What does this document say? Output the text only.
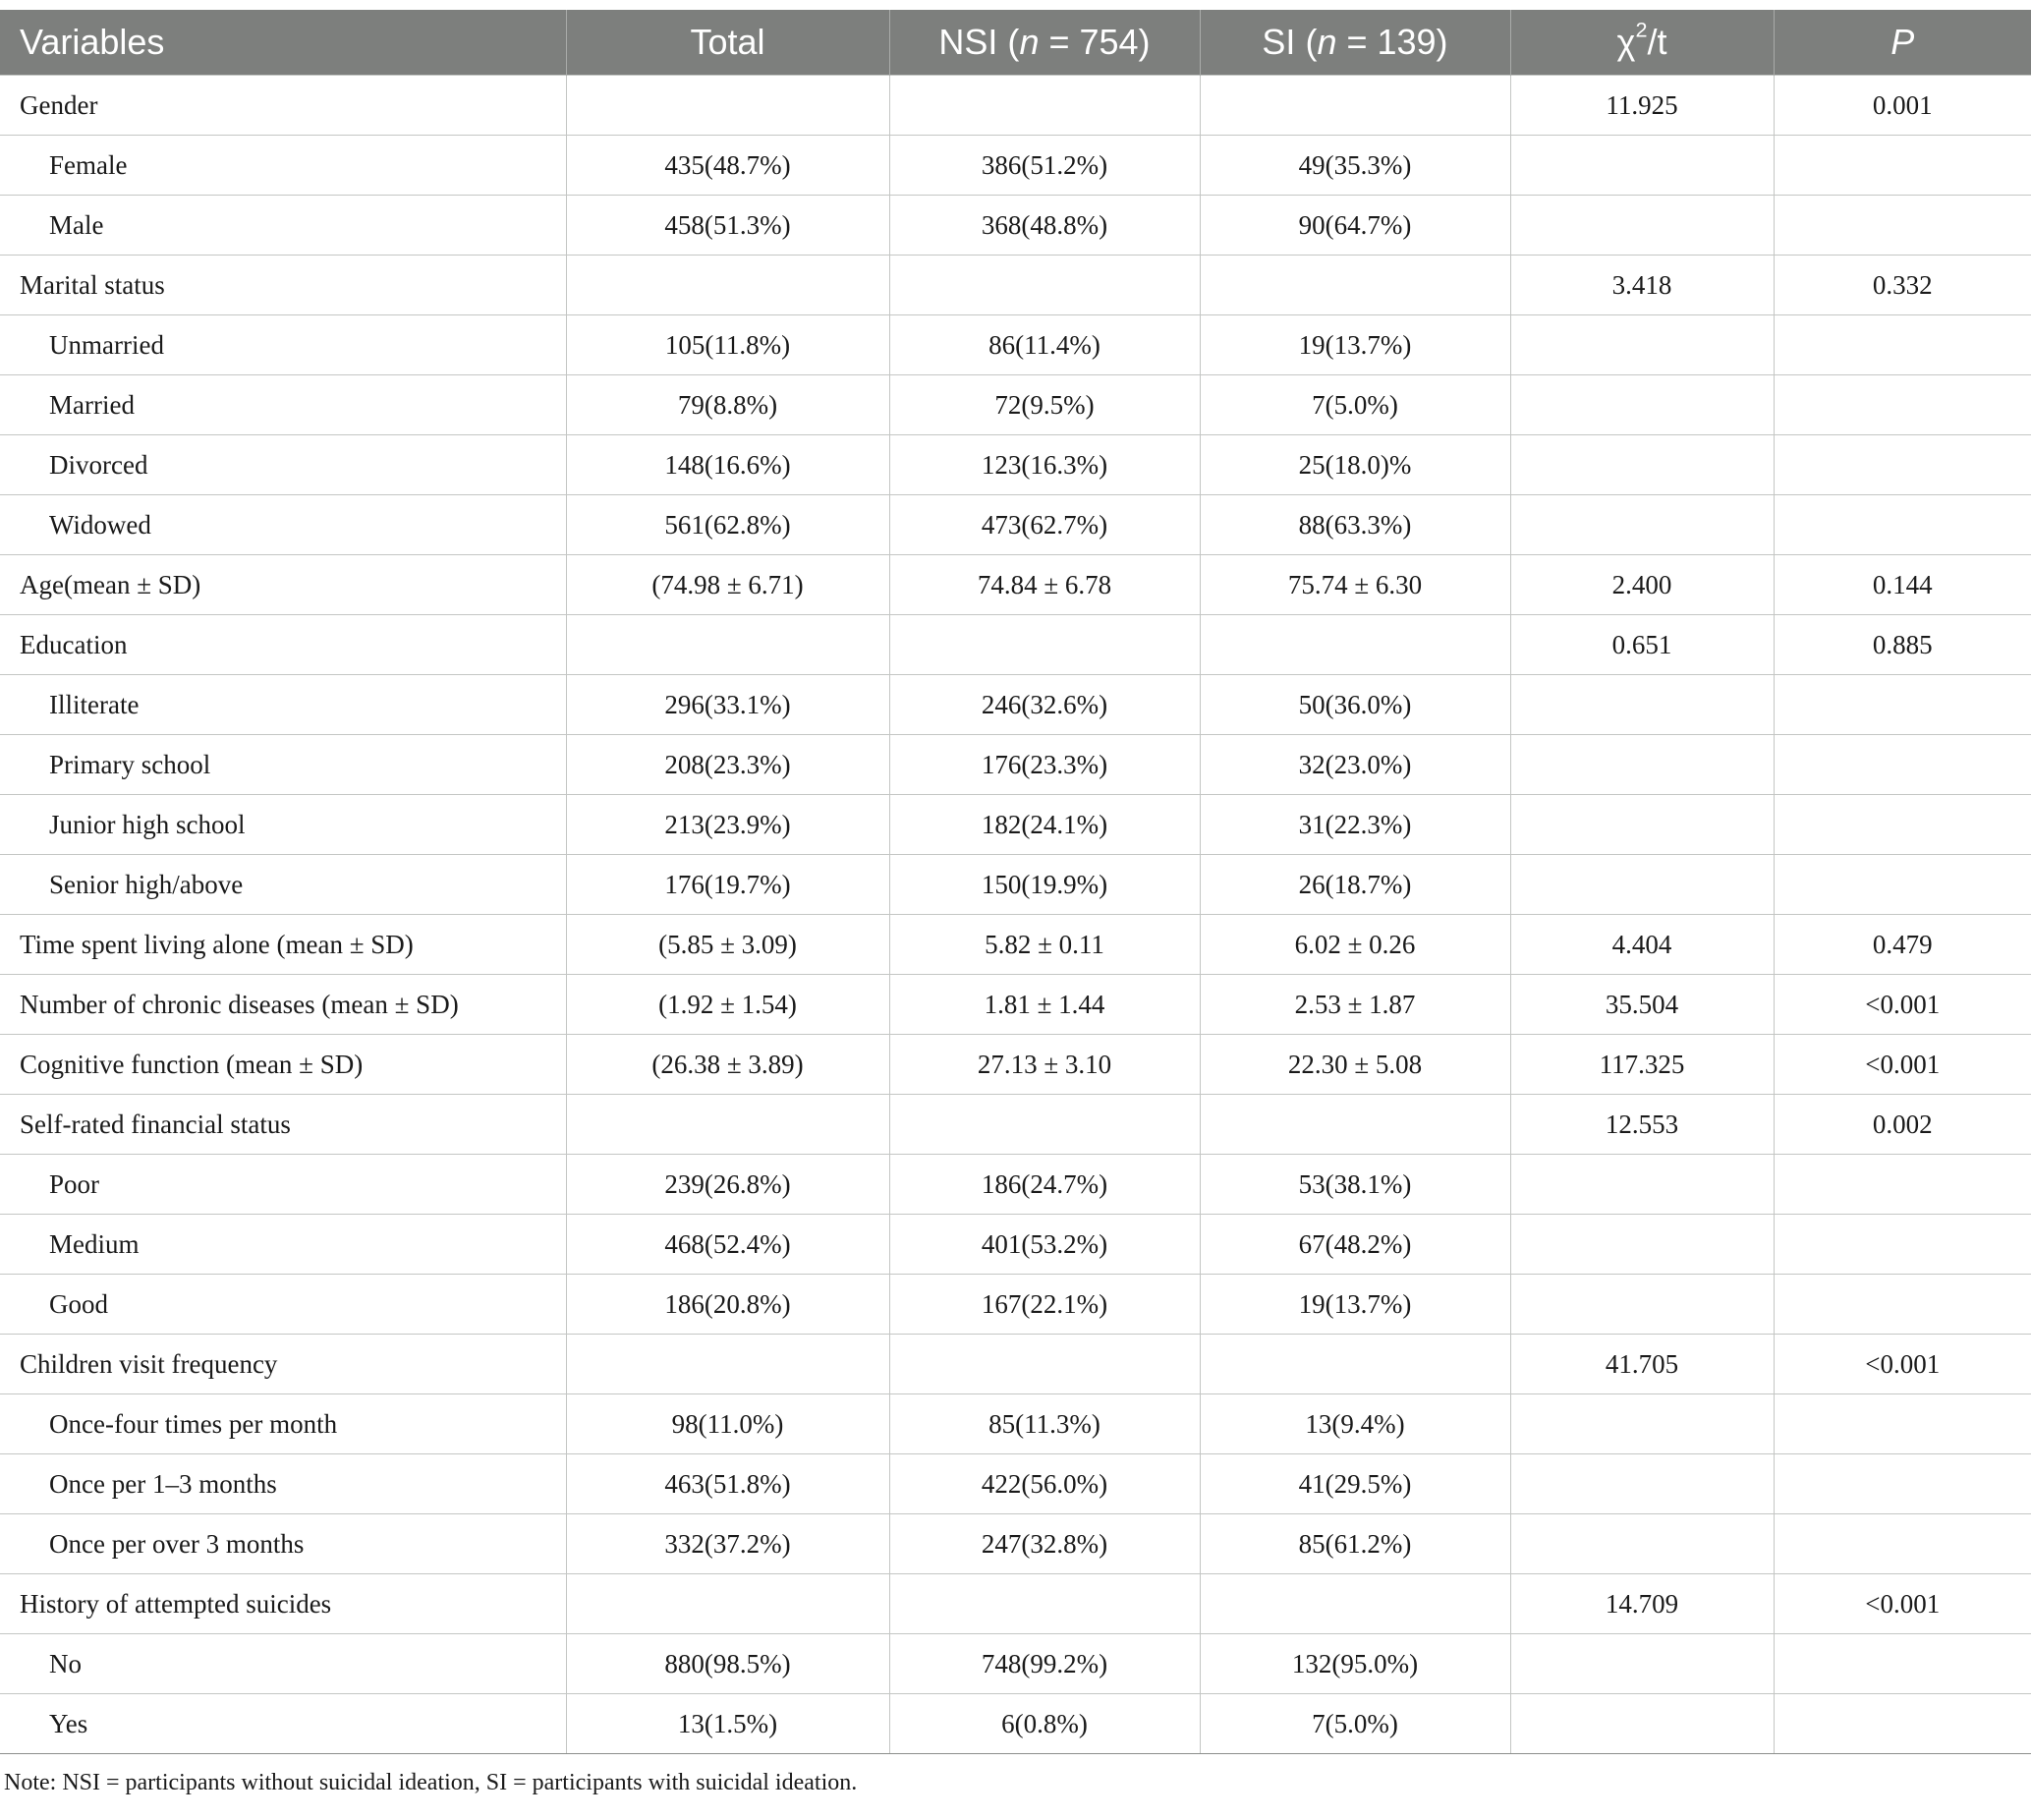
Variables	Total	NSI (n = 754)	SI (n = 139)	$\chi^2/t$	P
Gender				11.925	0.001
Female	435(48.7%)	386(51.2%)	49(35.3%)		
Male	458(51.3%)	368(48.8%)	90(64.7%)		
Marital status				3.418	0.332
Unmarried	105(11.8%)	86(11.4%)	19(13.7%)		
Married	79(8.8%)	72(9.5%)	7(5.0%)		
Divorced	148(16.6%)	123(16.3%)	25(18.0)%		
Widowed	561(62.8%)	473(62.7%)	88(63.3%)		
Age(mean ± SD)	(74.98 ± 6.71)	74.84 ± 6.78	75.74 ± 6.30	2.400	0.144
Education				0.651	0.885
Illiterate	296(33.1%)	246(32.6%)	50(36.0%)		
Primary school	208(23.3%)	176(23.3%)	32(23.0%)		
Junior high school	213(23.9%)	182(24.1%)	31(22.3%)		
Senior high/above	176(19.7%)	150(19.9%)	26(18.7%)		
Time spent living alone (mean ± SD)	(5.85 ± 3.09)	5.82 ± 0.11	6.02 ± 0.26	4.404	0.479
Number of chronic diseases (mean ± SD)	(1.92 ± 1.54)	1.81 ± 1.44	2.53 ± 1.87	35.504	<0.001
Cognitive function (mean ± SD)	(26.38 ± 3.89)	27.13 ± 3.10	22.30 ± 5.08	117.325	<0.001
Self-rated financial status				12.553	0.002
Poor	239(26.8%)	186(24.7%)	53(38.1%)		
Medium	468(52.4%)	401(53.2%)	67(48.2%)		
Good	186(20.8%)	167(22.1%)	19(13.7%)		
Children visit frequency				41.705	<0.001
Once-four times per month	98(11.0%)	85(11.3%)	13(9.4%)		
Once per 1–3 months	463(51.8%)	422(56.0%)	41(29.5%)		
Once per over 3 months	332(37.2%)	247(32.8%)	85(61.2%)		
History of attempted suicides				14.709	<0.001
No	880(98.5%)	748(99.2%)	132(95.0%)		
Yes	13(1.5%)	6(0.8%)	7(5.0%)		
Note: NSI = participants without suicidal ideation, SI = participants with suicidal ideation.
